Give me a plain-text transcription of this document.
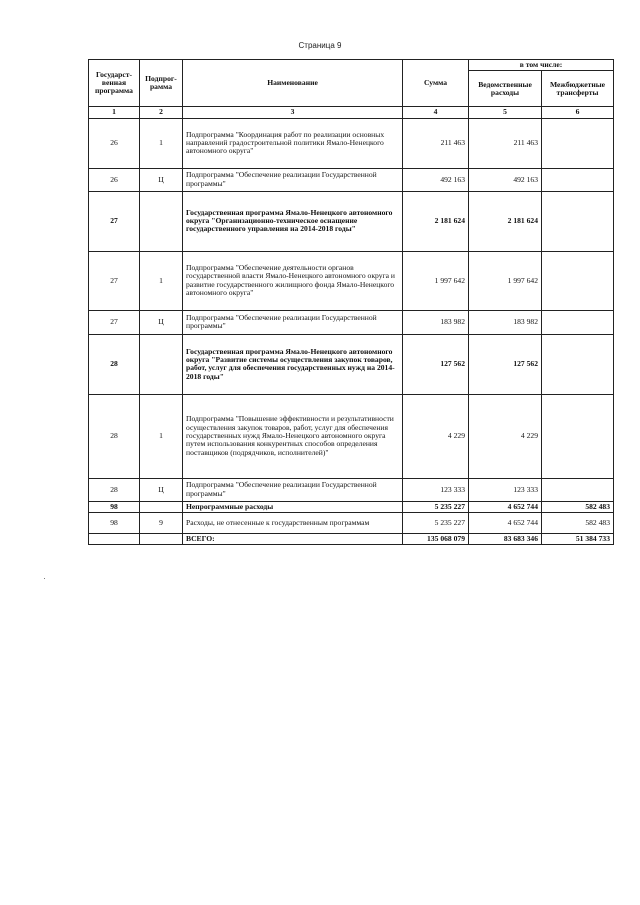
Страница 9
Государст-венная программа	Подпрог-рамма	Наименование	Сумма	в том числе:	
				Ведомственные расходы	Межбюджетные трансферты
1	2	3	4	5	6
26	1	Подпрограмма "Координация работ по реализации основных направлений градостроительной политики Ямало-Ненецкого автономного округа"	211 463	211 463	
26	Ц	Подпрограмма "Обеспечение реализации Государственной программы"	492 163	492 163	
27		Государственная программа Ямало-Ненецкого автономного округа "Организационно-техническое оснащение государственного управления на 2014-2018 годы"	2 181 624	2 181 624	
27	1	Подпрограмма "Обеспечение деятельности органов государственной власти Ямало-Ненецкого автономного округа и развитие государственного жилищного фонда Ямало-Ненецкого автономного округа"	1 997 642	1 997 642	
27	Ц	Подпрограмма "Обеспечение реализации Государственной программы"	183 982	183 982	
28		Государственная программа Ямало-Ненецкого автономного округа "Развитие системы осуществления закупок товаров, работ, услуг для обеспечения государственных нужд на 2014-2018 годы"	127 562	127 562	
28	1	Подпрограмма "Повышение эффективности и результативности осуществления закупок товаров, работ, услуг для обеспечения государственных нужд Ямало-Ненецкого автономного округа путем использования конкурентных способов определения поставщиков (подрядчиков, исполнителей)"	4 229	4 229	
28	Ц	Подпрограмма "Обеспечение реализации Государственной программы"	123 333	123 333	
98		Непрограммные расходы	5 235 227	4 652 744	582 483
98	9	Расходы, не отнесенные к государственным программам	5 235 227	4 652 744	582 483
		ВСЕГО:	135 068 079	83 683 346	51 384 733
